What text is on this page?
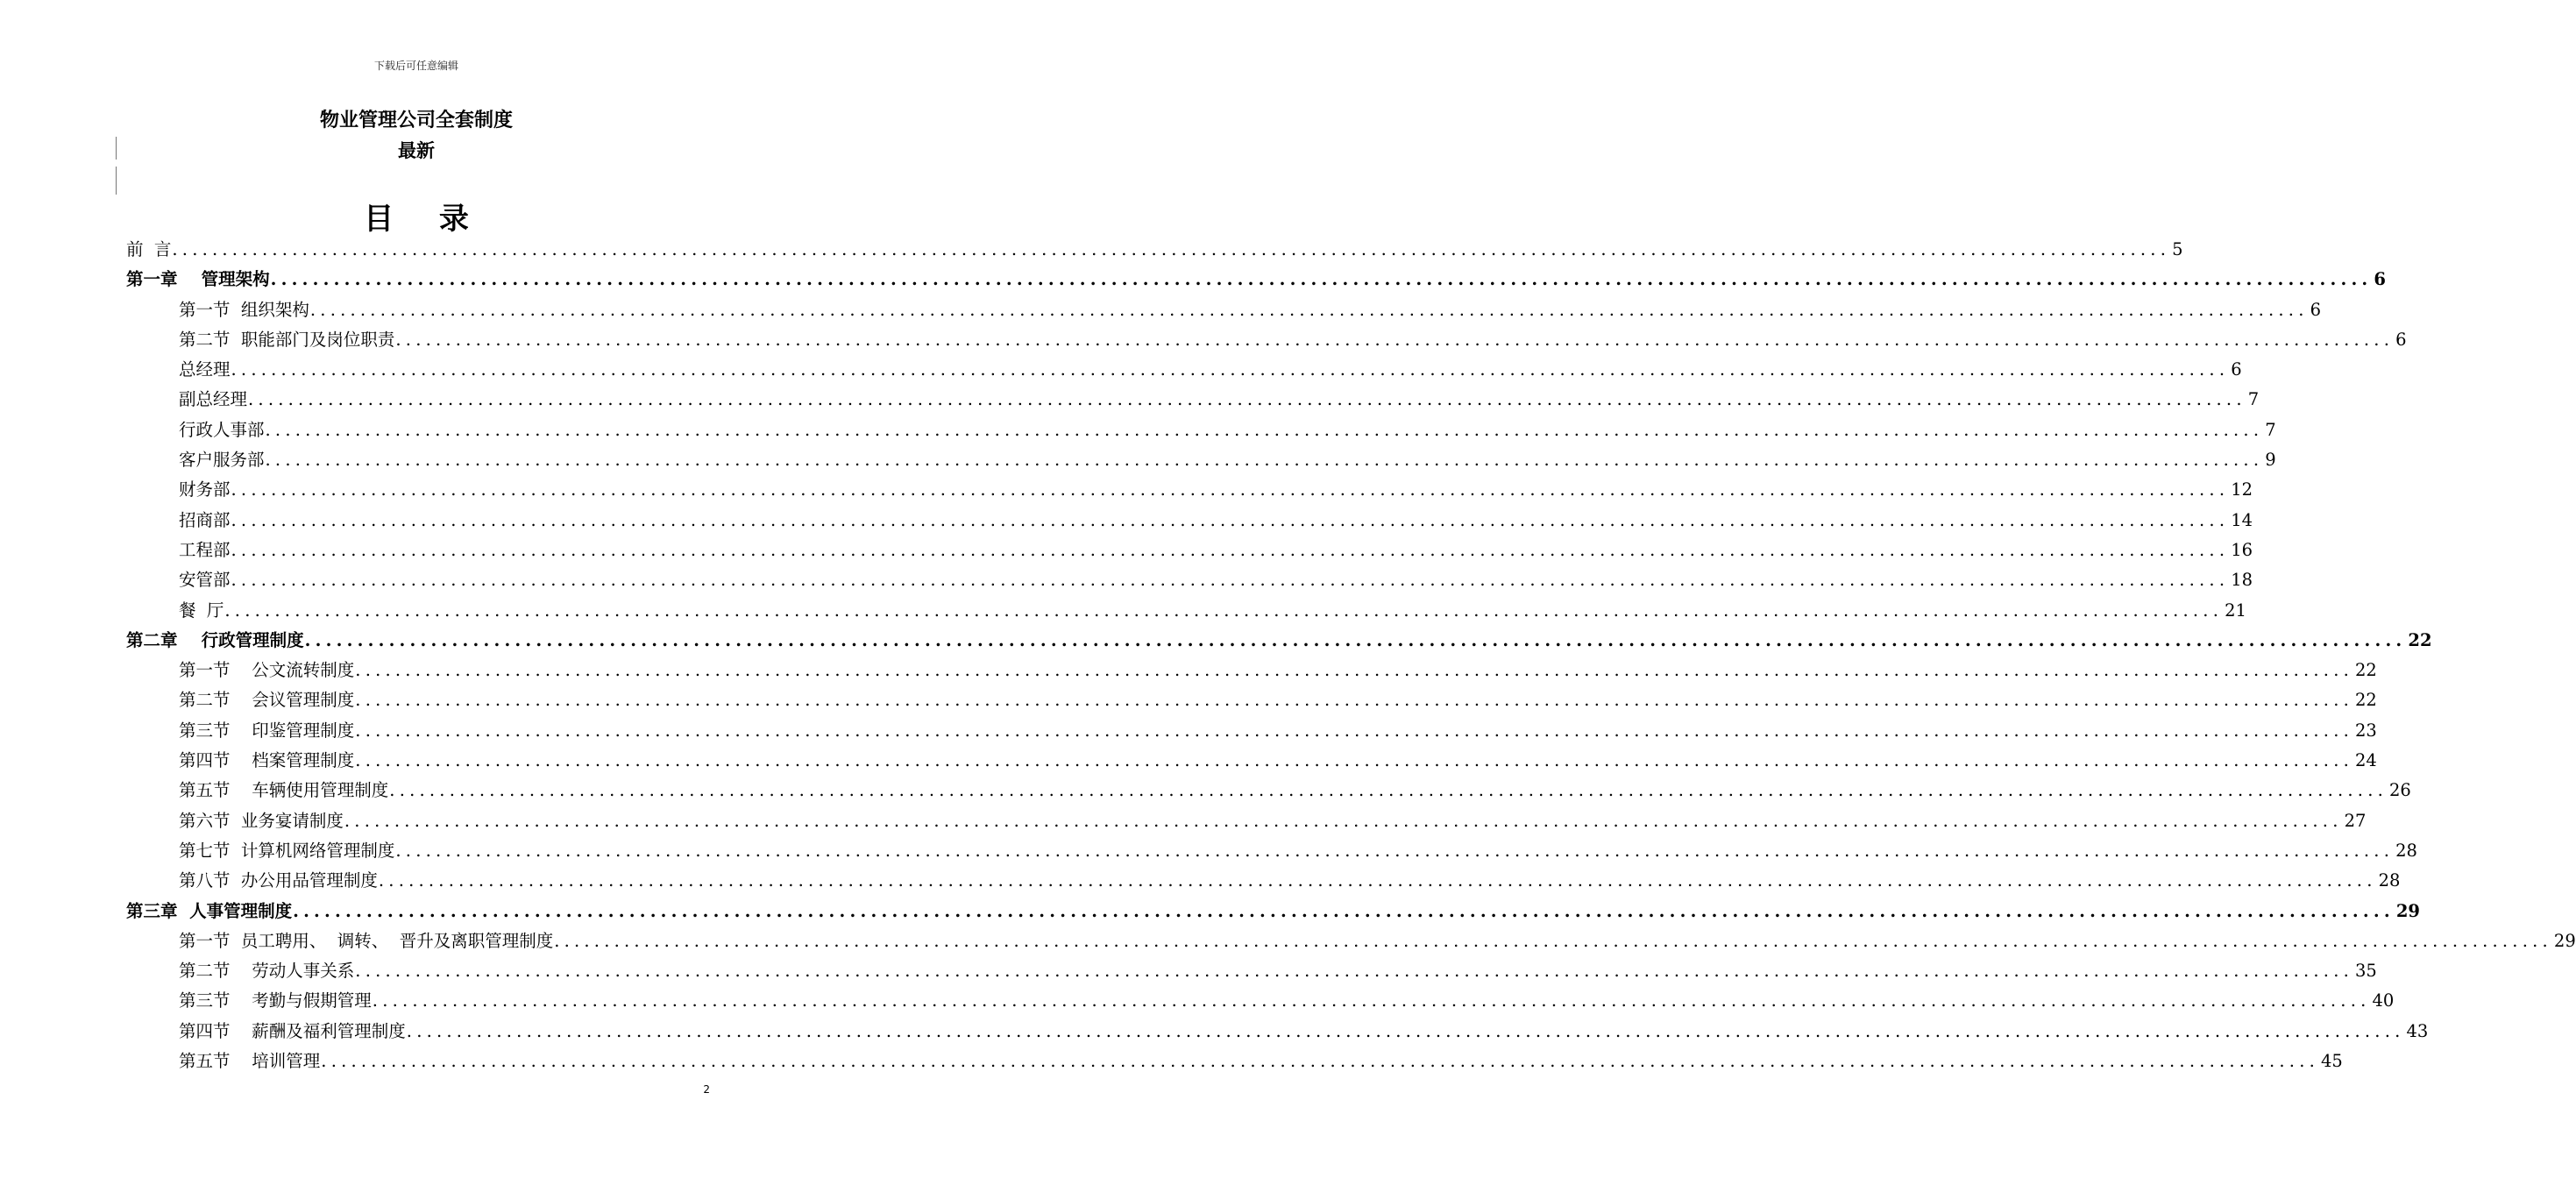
下载后可任意编辑
物业管理公司全套制度
最新
目 录
前  言 ........................................................................................................................................................................................................ 5
第一章    管理架构 ........................................................................................................................................................................................................ 6
第一节  组织架构 ........................................................................................................................................................................................................ 6
第二节  职能部门及岗位职责 ........................................................................................................................................................................................................ 6
总经理 ........................................................................................................................................................................................................ 6
副总经理 ........................................................................................................................................................................................................ 7
行政人事部 ........................................................................................................................................................................................................ 7
客户服务部 ........................................................................................................................................................................................................ 9
财务部 ........................................................................................................................................................................................................ 12
招商部 ........................................................................................................................................................................................................ 14
工程部 ........................................................................................................................................................................................................ 16
安管部 ........................................................................................................................................................................................................ 18
餐  厅 ........................................................................................................................................................................................................ 21
第二章    行政管理制度 ........................................................................................................................................................................................................ 22
第一节    公文流转制度 ........................................................................................................................................................................................................ 22
第二节    会议管理制度 ........................................................................................................................................................................................................ 22
第三节    印鉴管理制度 ........................................................................................................................................................................................................ 23
第四节    档案管理制度 ........................................................................................................................................................................................................ 24
第五节    车辆使用管理制度 ........................................................................................................................................................................................................ 26
第六节  业务宴请制度 ........................................................................................................................................................................................................ 27
第七节  计算机网络管理制度 ........................................................................................................................................................................................................ 28
第八节  办公用品管理制度 ........................................................................................................................................................................................................ 28
第三章  人事管理制度 ........................................................................................................................................................................................................ 29
第一节  员工聘用、  调转、  晋升及离职管理制度 ........................................................................................................................................................................................................ 29
第二节    劳动人事关系 ........................................................................................................................................................................................................ 35
第三节    考勤与假期管理 ........................................................................................................................................................................................................ 40
第四节    薪酬及福利管理制度 ........................................................................................................................................................................................................ 43
第五节    培训管理 ........................................................................................................................................................................................................ 45
2
